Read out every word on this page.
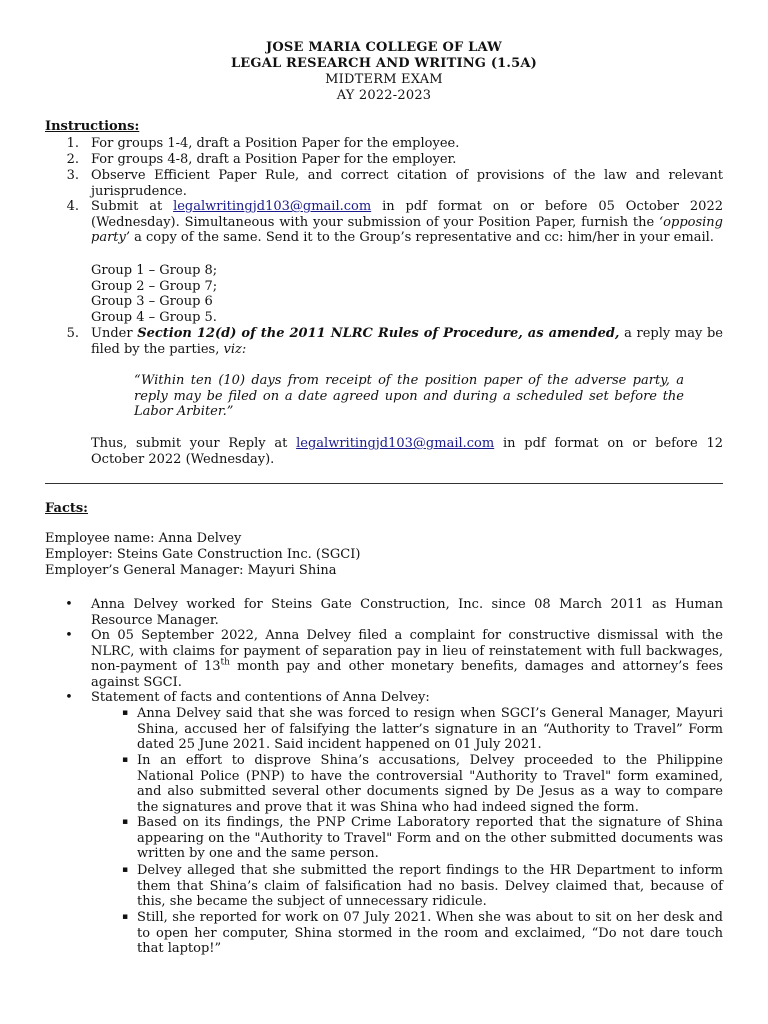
JOSE MARIA COLLEGE OF LAW
LEGAL RESEARCH AND WRITING (1.5A)
MIDTERM EXAM
AY 2022-2023
Instructions:
1. For groups 1-4, draft a Position Paper for the employee.
2. For groups 4-8, draft a Position Paper for the employer.
3. Observe Efficient Paper Rule, and correct citation of provisions of the law and relevant jurisprudence.
4. Submit at legalwritingjd103@gmail.com in pdf format on or before 05 October 2022 (Wednesday). Simultaneous with your submission of your Position Paper, furnish the ‘opposing party’ a copy of the same. Send it to the Group’s representative and cc: him/her in your email.
Group 1 – Group 8;
Group 2 – Group 7;
Group 3 – Group 6
Group 4 – Group 5.
5. Under Section 12(d) of the 2011 NLRC Rules of Procedure, as amended, a reply may be filed by the parties, viz:
“Within ten (10) days from receipt of the position paper of the adverse party, a reply may be filed on a date agreed upon and during a scheduled set before the Labor Arbiter.”
Thus, submit your Reply at legalwritingjd103@gmail.com in pdf format on or before 12 October 2022 (Wednesday).
Facts:
Employee name: Anna Delvey
Employer: Steins Gate Construction Inc. (SGCI)
Employer’s General Manager: Mayuri Shina
• Anna Delvey worked for Steins Gate Construction, Inc. since 08 March 2011 as Human Resource Manager.
• On 05 September 2022, Anna Delvey filed a complaint for constructive dismissal with the NLRC, with claims for payment of separation pay in lieu of reinstatement with full backwages, non-payment of 13th month pay and other monetary benefits, damages and attorney’s fees against SGCI.
• Statement of facts and contentions of Anna Delvey:
▪ Anna Delvey said that she was forced to resign when SGCI’s General Manager, Mayuri Shina, accused her of falsifying the latter’s signature in an “Authority to Travel” Form dated 25 June 2021. Said incident happened on 01 July 2021.
▪ In an effort to disprove Shina’s accusations, Delvey proceeded to the Philippine National Police (PNP) to have the controversial "Authority to Travel" form examined, and also submitted several other documents signed by De Jesus as a way to compare the signatures and prove that it was Shina who had indeed signed the form.
▪ Based on its findings, the PNP Crime Laboratory reported that the signature of Shina appearing on the "Authority to Travel" Form and on the other submitted documents was written by one and the same person.
▪ Delvey alleged that she submitted the report findings to the HR Department to inform them that Shina’s claim of falsification had no basis. Delvey claimed that, because of this, she became the subject of unnecessary ridicule.
▪ Still, she reported for work on 07 July 2021. When she was about to sit on her desk and to open her computer, Shina stormed in the room and exclaimed, “Do not dare touch that laptop!”
